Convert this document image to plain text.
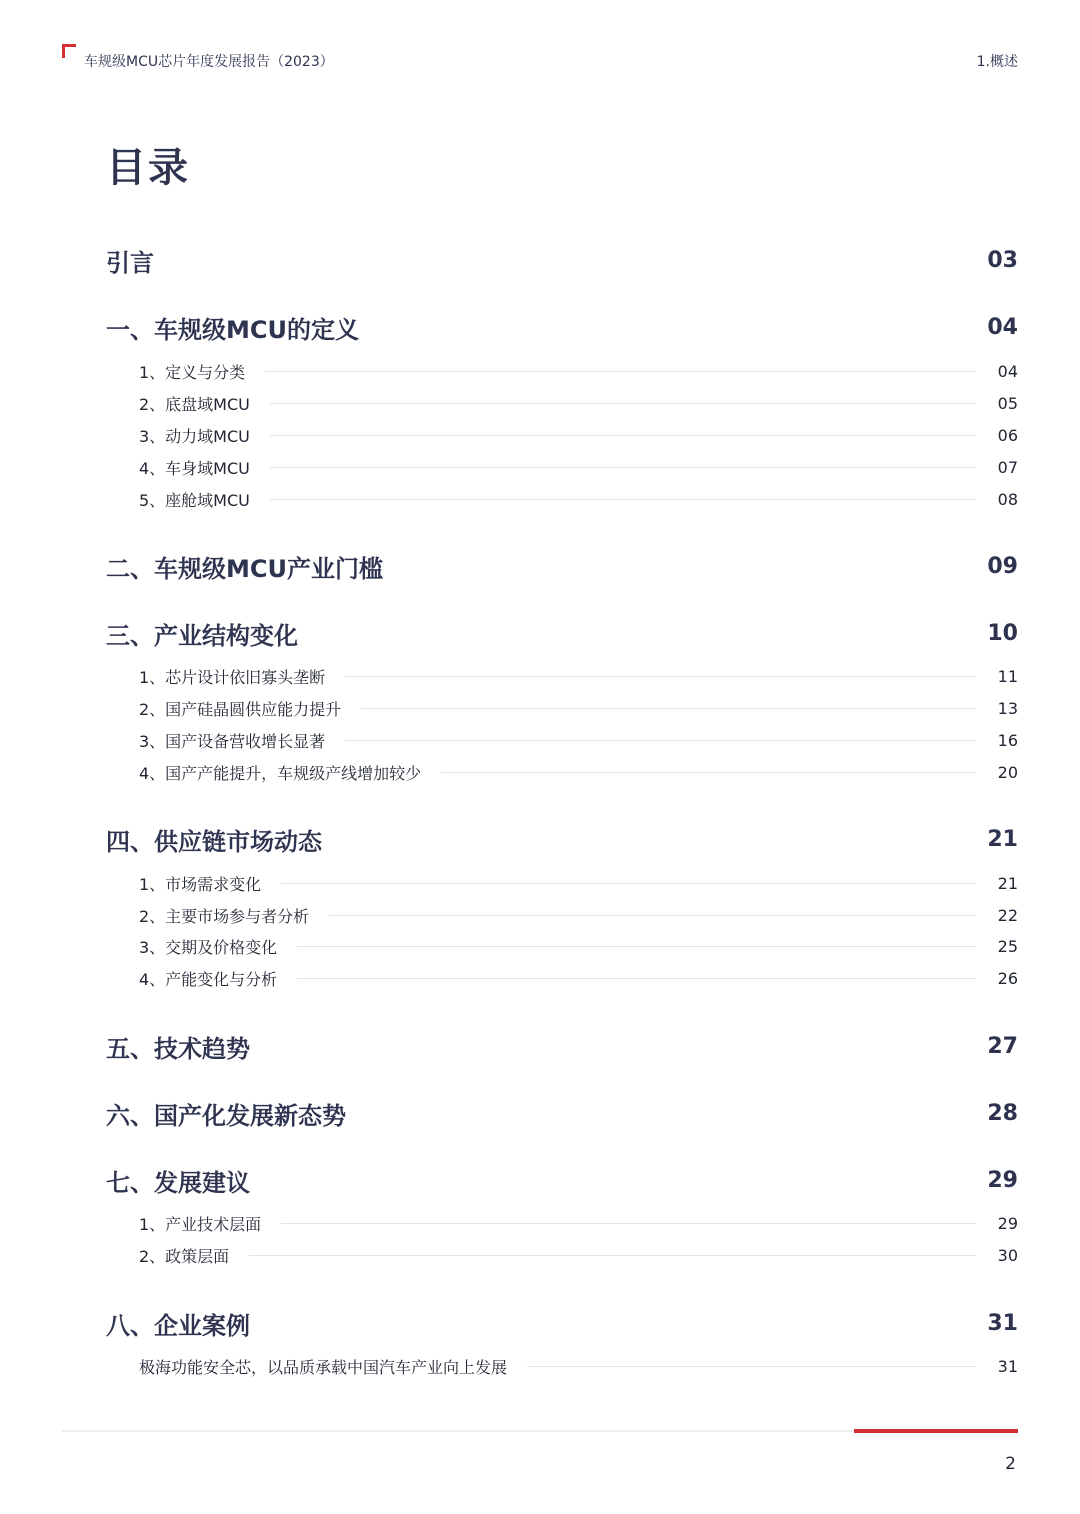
车规级MCU芯片年度发展报告（2023）	1.概述
目录
引言	03
一、车规级MCU的定义	04
1、定义与分类	04
2、底盘域MCU	05
3、动力域MCU	06
4、车身域MCU	07
5、座舱域MCU	08
二、车规级MCU产业门槛	09
三、产业结构变化	10
1、芯片设计依旧寡头垄断	11
2、国产硅晶圆供应能力提升	13
3、国产设备营收增长显著	16
4、国产产能提升，车规级产线增加较少	20
四、供应链市场动态	21
1、市场需求变化	21
2、主要市场参与者分析	22
3、交期及价格变化	25
4、产能变化与分析	26
五、技术趋势	27
六、国产化发展新态势	28
七、发展建议	29
1、产业技术层面	29
2、政策层面	30
八、企业案例	31
极海功能安全芯，以品质承载中国汽车产业向上发展	31
2
